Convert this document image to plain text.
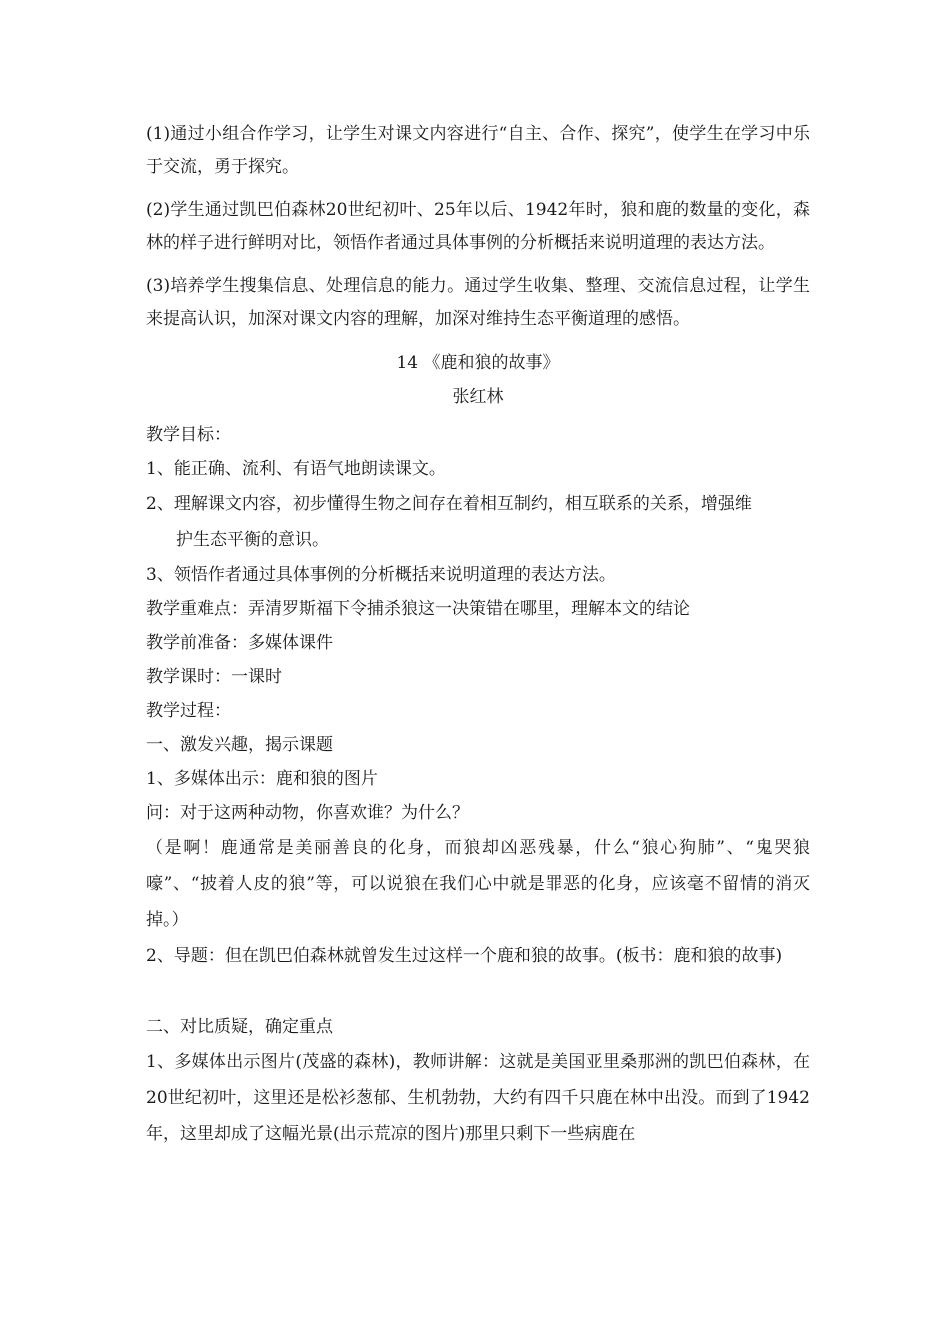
(1)通过小组合作学习，让学生对课文内容进行“自主、合作、探究”，使学生在学习中乐于交流，勇于探究。

(2)学生通过凯巴伯森林20世纪初叶、25年以后、1942年时，狼和鹿的数量的变化，森林的样子进行鲜明对比，领悟作者通过具体事例的分析概括来说明道理的表达方法。

(3)培养学生搜集信息、处理信息的能力。通过学生收集、整理、交流信息过程，让学生来提高认识，加深对课文内容的理解，加深对维持生态平衡道理的感悟。

14 《鹿和狼的故事》
张红林
教学目标：
1、能正确、流利、有语气地朗读课文。
2、理解课文内容，初步懂得生物之间存在着相互制约，相互联系的关系，增强维
护生态平衡的意识。
3、领悟作者通过具体事例的分析概括来说明道理的表达方法。
教学重难点：弄清罗斯福下令捕杀狼这一决策错在哪里，理解本文的结论
教学前准备：多媒体课件
教学课时：一课时
教学过程：
一、激发兴趣，揭示课题
1、多媒体出示：鹿和狼的图片
问：对于这两种动物，你喜欢谁？为什么？

（是啊！鹿通常是美丽善良的化身，而狼却凶恶残暴，什么“狼心狗肺”、“鬼哭狼嚎”、“披着人皮的狼”等，可以说狼在我们心中就是罪恶的化身，应该毫不留情的消灭掉。）

2、导题：但在凯巴伯森林就曾发生过这样一个鹿和狼的故事。(板书：鹿和狼的故事)

二、对比质疑，确定重点

1、多媒体出示图片(茂盛的森林)，教师讲解：这就是美国亚里桑那洲的凯巴伯森林，在20世纪初叶，这里还是松衫葱郁、生机勃勃，大约有四千只鹿在林中出没。而到了1942年，这里却成了这幅光景(出示荒凉的图片)那里只剩下一些病鹿在
